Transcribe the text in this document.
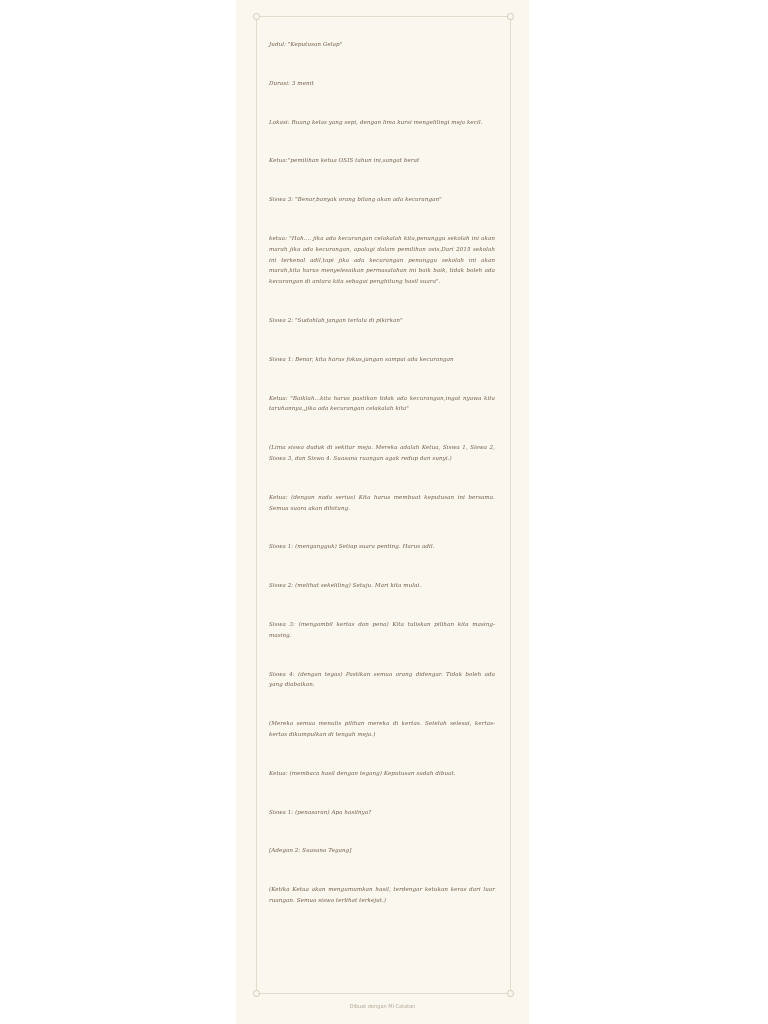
Judul: "Keputusan Gelap"

Durasi: 3 menit

Lokasi: Ruang kelas yang sepi, dengan lima kursi mengelilingi meja kecil.

Ketua:"pemilihan ketua OSIS tahun ini,sangat berat

Siswa 3: "Benar,banyak orang bilang akan ada kecurangan"

ketua: "Hah.... jika ada kecurangan celakalah kita,penunggu sekolah ini akan marah jika ada kecurangan, apalagi dalam pemilihan osis,Dari 2015 sekolah ini terkenal adil,tapi jika ada kecurangan penunggu sekolah ini akan marah,kita harus menyelesaikan permasalahan ini baik baik, tidak boleh ada kecurangan di antara kita sebagai penghitung hasil suara".

Siswa 2: "Sudahlah jangan terlalu di pikirkan"

Siswa 1: Benar, kita harus fokus,jangan sampai ada kecurangan

Ketua: "Baiklah...kita harus pastikan tidak ada kecurangan,ingat nyawa kita taruhannya,,jika ada kecurangan celakalah kita"

(Lima siswa duduk di sekitar meja. Mereka adalah Ketua, Siswa 1, Siswa 2, Siswa 3, dan Siswa 4. Suasana ruangan agak redup dan sunyi.)

Ketua: (dengan nada serius) Kita harus membuat keputusan ini bersama. Semua suara akan dihitung.

Siswa 1: (mengangguk) Setiap suara penting. Harus adil.

Siswa 2: (melihat sekeliling) Setuju. Mari kita mulai.

Siswa 3: (mengambil kertas dan pena) Kita tuliskan pilihan kita masing-masing.

Siswa 4: (dengan tegas) Pastikan semua orang didengar. Tidak boleh ada yang diabaikan.

(Mereka semua menulis pilihan mereka di kertas. Setelah selesai, kertas-kertas dikumpulkan di tengah meja.)

Ketua: (membaca hasil dengan tegang) Keputusan sudah dibuat.

Siswa 1: (penasaran) Apa hasilnya?

[Adegan 2: Suasana Tegang]

(Ketika Ketua akan mengumumkan hasil, terdengar ketukan keras dari luar ruangan. Semua siswa terlihat terkejut.)

Dibuat dengan Mi Catatan
